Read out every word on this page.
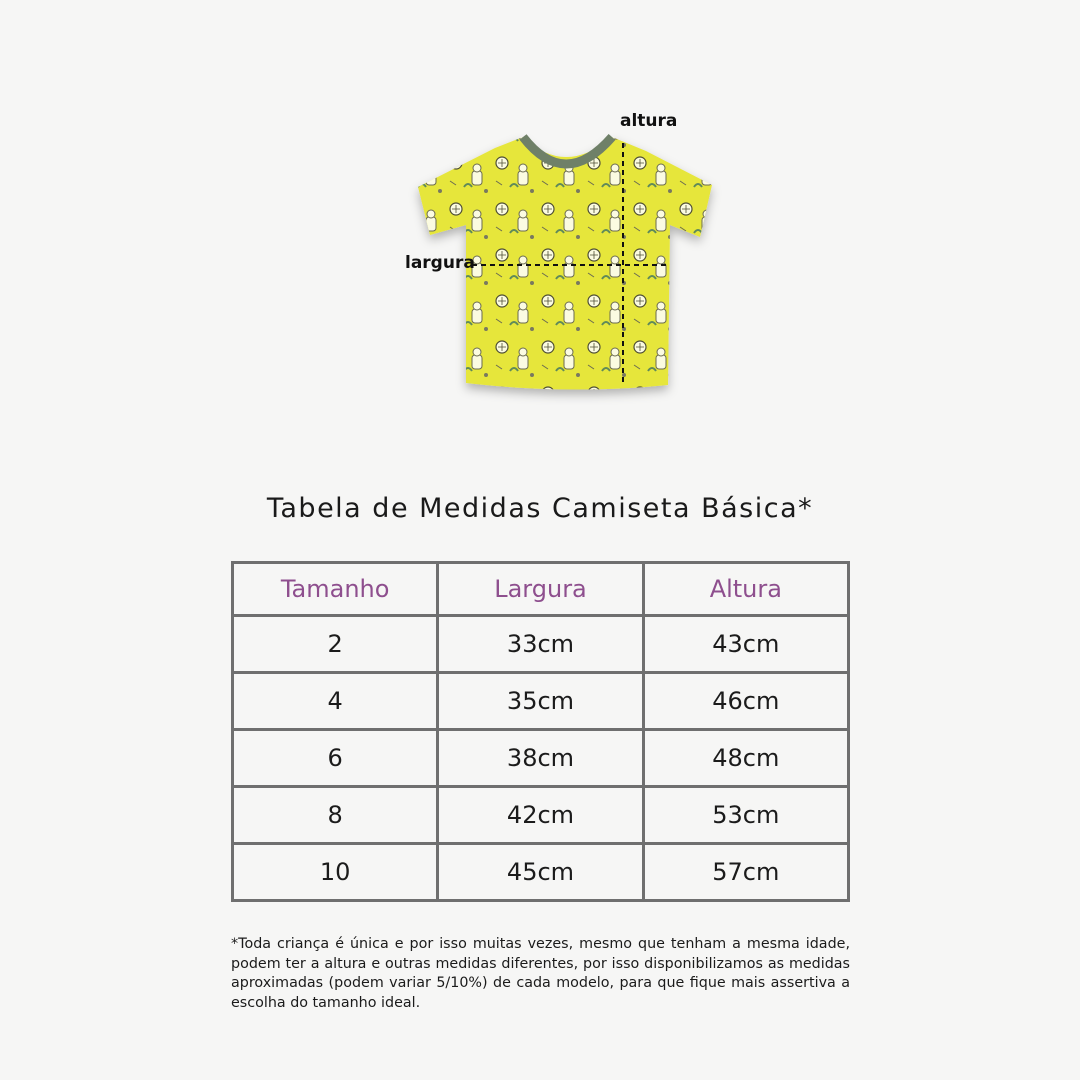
altura
largura
Tabela de Medidas Camiseta Básica*
Tamanho	Largura	Altura
2	33cm	43cm
4	35cm	46cm
6	38cm	48cm
8	42cm	53cm
10	45cm	57cm
*Toda criança é única e por isso muitas vezes, mesmo que tenham a mesma idade, podem ter a altura e outras medidas diferentes, por isso disponibilizamos as medidas aproximadas (podem variar 5/10%) de cada modelo, para que fique mais assertiva a escolha do tamanho ideal.
